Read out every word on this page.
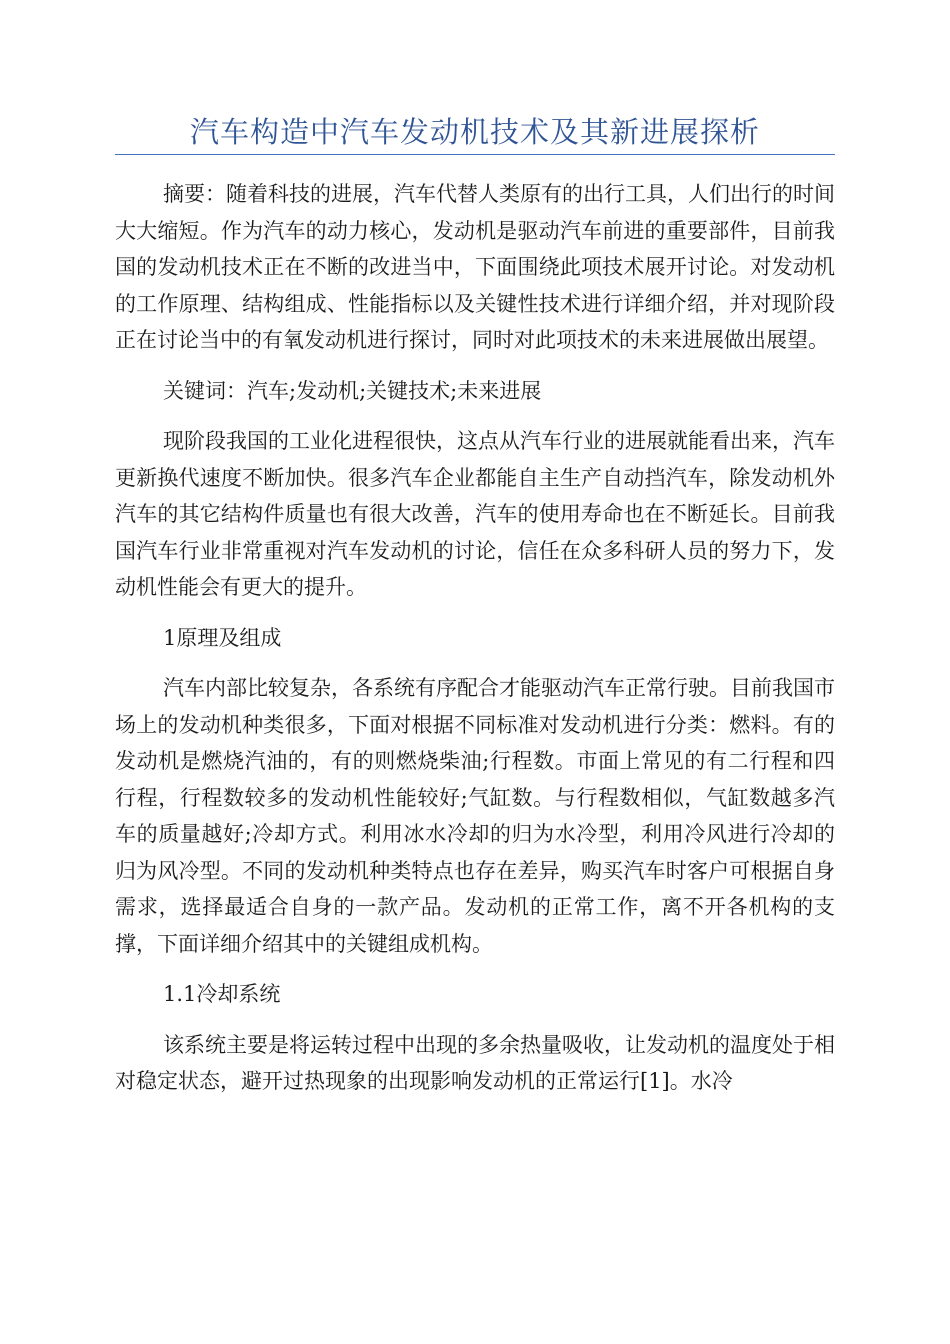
汽车构造中汽车发动机技术及其新进展探析

摘要：随着科技的进展，汽车代替人类原有的出行工具，人们出行的时间大大缩短。作为汽车的动力核心，发动机是驱动汽车前进的重要部件，目前我国的发动机技术正在不断的改进当中，下面围绕此项技术展开讨论。对发动机的工作原理、结构组成、性能指标以及关键性技术进行详细介绍，并对现阶段正在讨论当中的有氧发动机进行探讨，同时对此项技术的未来进展做出展望。

关键词：汽车;发动机;关键技术;未来进展

现阶段我国的工业化进程很快，这点从汽车行业的进展就能看出来，汽车更新换代速度不断加快。很多汽车企业都能自主生产自动挡汽车，除发动机外汽车的其它结构件质量也有很大改善，汽车的使用寿命也在不断延长。目前我国汽车行业非常重视对汽车发动机的讨论，信任在众多科研人员的努力下，发动机性能会有更大的提升。

1原理及组成

汽车内部比较复杂，各系统有序配合才能驱动汽车正常行驶。目前我国市场上的发动机种类很多，下面对根据不同标准对发动机进行分类：燃料。有的发动机是燃烧汽油的，有的则燃烧柴油;行程数。市面上常见的有二行程和四行程，行程数较多的发动机性能较好;气缸数。与行程数相似，气缸数越多汽车的质量越好;冷却方式。利用冰水冷却的归为水冷型，利用冷风进行冷却的归为风冷型。不同的发动机种类特点也存在差异，购买汽车时客户可根据自身需求，选择最适合自身的一款产品。发动机的正常工作，离不开各机构的支撑，下面详细介绍其中的关键组成机构。

1.1冷却系统

该系统主要是将运转过程中出现的多余热量吸收，让发动机的温度处于相对稳定状态，避开过热现象的出现影响发动机的正常运行[1]。水冷
